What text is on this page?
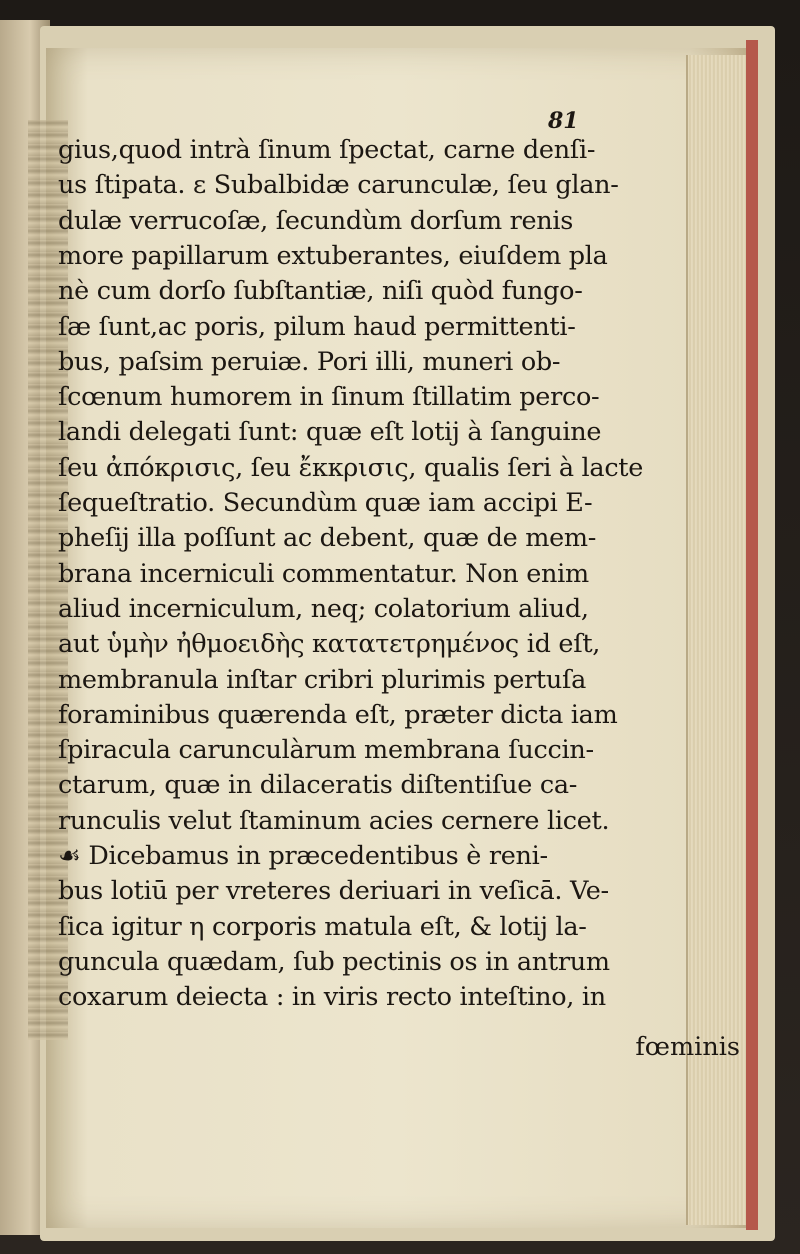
81
gius,quod intrà ſinum ſpectat, carne denſi-
us ſtipata. ε Subalbidæ carunculæ, ſeu glan-
dulæ verrucoſæ, ſecundùm dorſum renis
more papillarum extuberantes, eiuſdem pla
nè cum dorſo ſubſtantiæ, niſi quòd fungo-
ſæ ſunt,ac poris, pilum haud permittenti-
bus, paſsim peruiæ. Pori illi, muneri ob-
ſcœnum humorem in ſinum ſtillatim perco-
landi delegati ſunt: quæ eſt lotij à ſanguine
ſeu ἀπόκρισις, ſeu ἔκκρισις, qualis ſeri à lacte
ſequeſtratio. Secundùm quæ iam accipi E-
pheſij illa poſſunt ac debent, quæ de mem-
brana incerniculi commentatur. Non enim
aliud incerniculum, neq; colatorium aliud,
aut ὑμὴν ἠθμοειδὴς κατατετρημένος id eſt,
membranula inſtar cribri plurimis pertuſa
foraminibus quærenda eſt, præter dicta iam
ſpiracula carunculàrum membrana ſuccin-
ctarum, quæ in dilaceratis diſtentiſue ca-
runculis velut ſtaminum acies cernere licet.
☙ Dicebamus in præcedentibus è reni-
bus lotiū per vreteres deriuari in veſicā. Ve-
ſica igitur η corporis matula eſt, & lotij la-
guncula quædam, ſub pectinis os in antrum
coxarum deiecta : in viris recto inteſtino, in
fœminis
